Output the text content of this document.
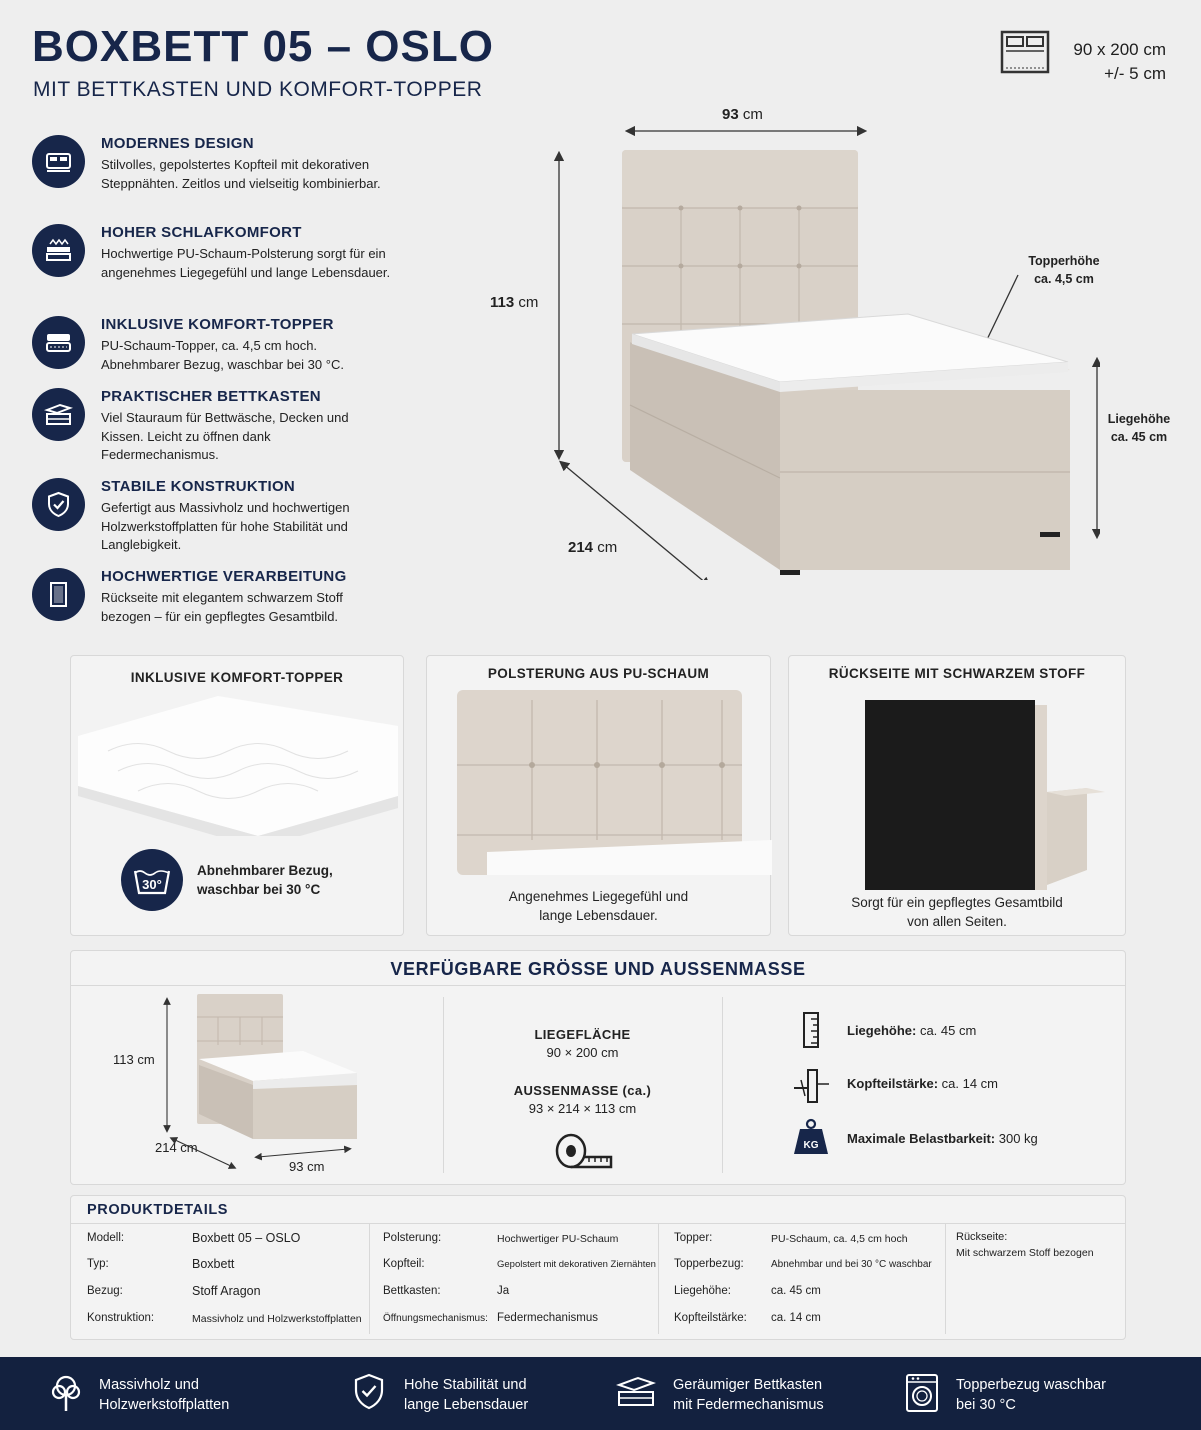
BOXBETT 05 – OSLO
MIT BETTKASTEN UND KOMFORT-TOPPER
90 x 200 cm
+/- 5 cm
MODERNES DESIGN
Stilvolles, gepolstertes Kopfteil mit dekorativen Steppnähten. Zeitlos und vielseitig kombinierbar.
HOHER SCHLAFKOMFORT
Hochwertige PU-Schaum-Polsterung sorgt für ein angenehmes Liegegefühl und lange Lebensdauer.
INKLUSIVE KOMFORT-TOPPER
PU-Schaum-Topper, ca. 4,5 cm hoch. Abnehmbarer Bezug, waschbar bei 30 °C.
PRAKTISCHER BETTKASTEN
Viel Stauraum für Bettwäsche, Decken und Kissen. Leicht zu öffnen dank Federmechanismus.
STABILE KONSTRUKTION
Gefertigt aus Massivholz und hochwertigen Holzwerkstoffplatten für hohe Stabilität und Langlebigkeit.
HOCHWERTIGE VERARBEITUNG
Rückseite mit elegantem schwarzem Stoff bezogen – für ein gepflegtes Gesamtbild.
93 cm
113 cm
214 cm
Topperhöhe
ca. 4,5 cm
Liegehöhe
ca. 45 cm
INKLUSIVE KOMFORT-TOPPER
30°
Abnehmbarer Bezug, waschbar bei 30 °C
POLSTERUNG AUS PU-SCHAUM
Angenehmes Liegegefühl und lange Lebensdauer.
RÜCKSEITE MIT SCHWARZEM STOFF
Sorgt für ein gepflegtes Gesamtbild von allen Seiten.
VERFÜGBARE GRÖSSE UND AUSSENMASSE
113 cm
214 cm
93 cm
LIEGEFLÄCHE
90 × 200 cm
AUSSENMASSE (ca.)
93 × 214 × 113 cm
Liegehöhe: ca. 45 cm
Kopfteilstärke: ca. 14 cm
KG Maximale Belastbarkeit: 300 kg
PRODUKTDETAILS
Modell:	Boxbett 05 – OSLO
Typ:	Boxbett
Bezug:	Stoff Aragon
Konstruktion:	Massivholz und Holzwerkstoffplatten
Polsterung:	Hochwertiger PU-Schaum
Kopfteil:	Gepolstert mit dekorativen Ziernähten
Bettkasten:	Ja
Öffnungsmechanismus: Federmechanismus
Topper:	PU-Schaum, ca. 4,5 cm hoch
Topperbezug:	Abnehmbar und bei 30 °C waschbar
Liegehöhe:	ca. 45 cm
Kopfteilstärke: ca. 14 cm
Rückseite:
Mit schwarzem Stoff bezogen
Massivholz und
Holzwerkstoffplatten
Hohe Stabilität und
lange Lebensdauer
Geräumiger Bettkasten
mit Federmechanismus
Topperbezug waschbar
bei 30 °C
